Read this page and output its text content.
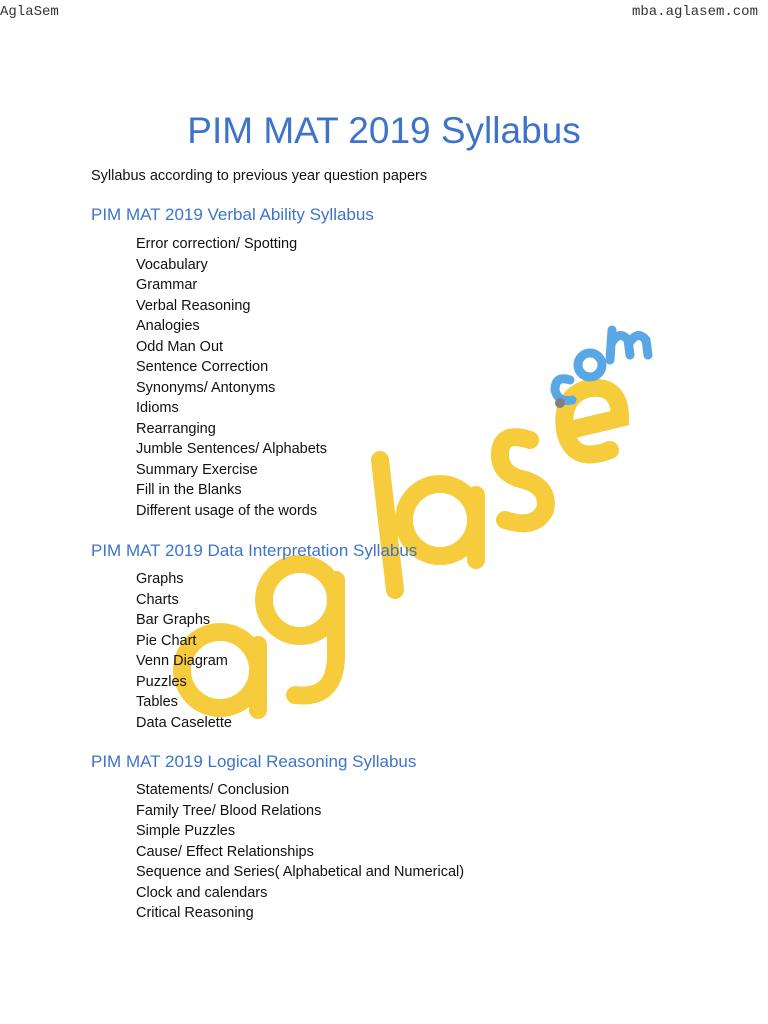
AglaSem	mba.aglasem.com
PIM MAT 2019 Syllabus
Syllabus according to previous year question papers
PIM MAT 2019 Verbal Ability Syllabus
Error correction/ Spotting
Vocabulary
Grammar
Verbal Reasoning
Analogies
Odd Man Out
Sentence Correction
Synonyms/ Antonyms
Idioms
Rearranging
Jumble Sentences/ Alphabets
Summary Exercise
Fill in the Blanks
Different usage of the words
PIM MAT 2019 Data Interpretation Syllabus
Graphs
Charts
Bar Graphs
Pie Chart
Venn Diagram
Puzzles
Tables
Data Caselette
PIM MAT 2019 Logical Reasoning Syllabus
Statements/ Conclusion
Family Tree/ Blood Relations
Simple Puzzles
Cause/ Effect Relationships
Sequence and Series( Alphabetical and Numerical)
Clock and calendars
Critical Reasoning
